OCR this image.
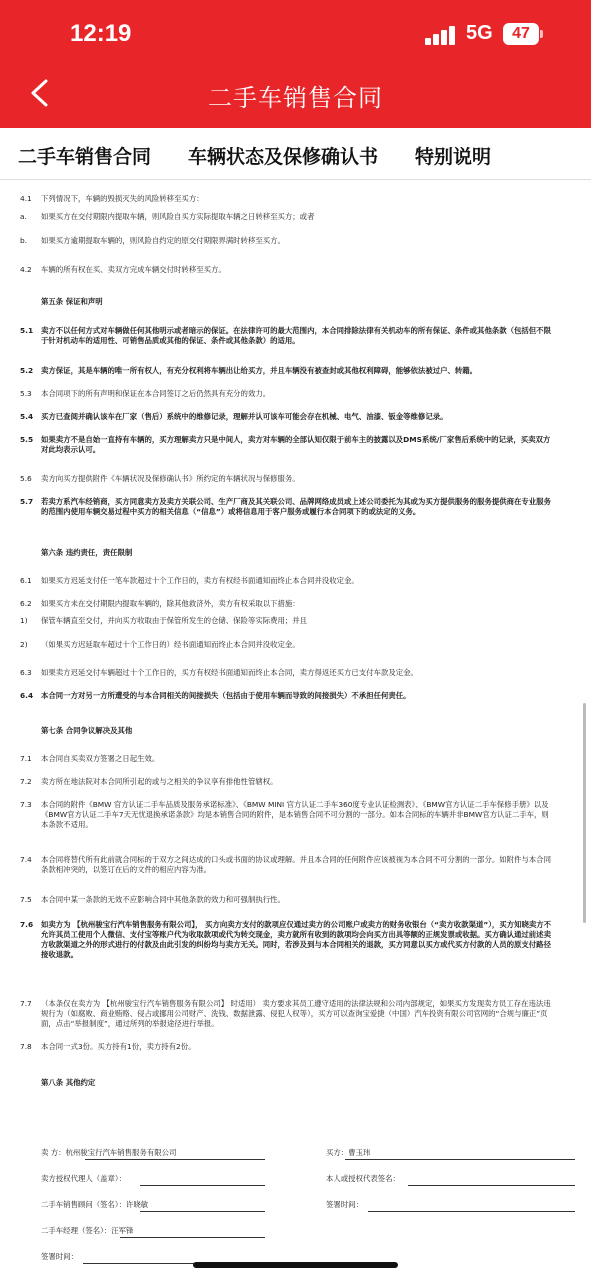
12:19	5G	47
二手车销售合同
二手车销售合同 车辆状态及保修确认书 特别说明
4.1	下列情况下，车辆的毁损灭失的风险转移至买方：
a.	如果买方在交付期限内提取车辆，则风险自买方实际提取车辆之日转移至买方；或者
b.	如果买方逾期提取车辆的，则风险自约定的原交付期限界满时转移至买方。
4.2	车辆的所有权在买、卖双方完成车辆交付时转移至买方。
第五条 保证和声明
5.1	卖方不以任何方式对车辆做任何其他明示或者暗示的保证。在法律许可的最大范围内，本合同排除法律有关机动车的所有保证、条件或其他条款（包括但不限于针对机动车的适用性、可销售品质或其他的保证、条件或其他条款）的适用。
5.2	卖方保证，其是车辆的唯一所有权人，有充分权利将车辆出让给买方，并且车辆没有被查封或其他权利障碍，能够依法被过户、转籍。
5.3	本合同项下的所有声明和保证在本合同签订之后仍然具有充分的效力。
5.4	买方已查阅并确认该车在厂家（售后）系统中的维修记录，理解并认可该车可能会存在机械、电气、油漆、钣金等维修记录。
5.5	如果卖方不是自始一直持有车辆的，买方理解卖方只是中间人，卖方对车辆的全部认知仅限于前车主的披露以及DMS系统/厂家售后系统中的记录，买卖双方对此均表示认可。
5.6	卖方向买方提供附件《车辆状况及保修确认书》所约定的车辆状况与保修服务。
5.7	若卖方系汽车经销商，买方同意卖方及卖方关联公司、生产厂商及其关联公司、品牌网络成员或上述公司委托为其或为买方提供服务的服务提供商在专业服务的范围内使用车辆交易过程中买方的相关信息（“信息”）或将信息用于客户服务或履行本合同项下的或法定的义务。
第六条 违约责任，责任限制
6.1	如果买方迟延支付任一笔车款超过十个工作日的，卖方有权经书面通知而终止本合同并没收定金。
6.2	如果买方未在交付期限内提取车辆的，除其他救济外，卖方有权采取以下措施：
1)	保管车辆直至交付，并向买方收取由于保管所发生的仓储、保险等实际费用；并且
2)	（如果买方迟延取车超过十个工作日的）经书面通知而终止本合同并没收定金。
6.3	如果卖方迟延交付车辆超过十个工作日的，买方有权经书面通知而终止本合同，卖方得返还买方已支付车款及定金。
6.4	本合同一方对另一方所遭受的与本合同相关的间接损失（包括由于使用车辆而导致的间接损失）不承担任何责任。
第七条 合同争议解决及其他
7.1	本合同自买卖双方签署之日起生效。
7.2	卖方所在地法院对本合同所引起的或与之相关的争议享有排他性管辖权。
7.3	本合同的附件《BMW 官方认证二手车品质及服务承诺标准》、《BMW MINI 官方认证二手车360度专业认证检测表》、《BMW官方认证二手车保修手册》以及《BMW官方认证二手车7天无忧退换承诺条款》均是本销售合同的附件，是本销售合同不可分割的一部分。如本合同标的车辆并非BMW官方认证二手车，则本条款不适用。
7.4	本合同将替代所有此前就合同标的于双方之间达成的口头或书面的协议或理解。并且本合同的任何附件应该被视为本合同不可分割的一部分。如附件与本合同条款相冲突的，以签订在后的文件的相应内容为准。
7.5	本合同中某一条款的无效不应影响合同中其他条款的效力和可强制执行性。
7.6	如卖方为 【杭州骏宝行汽车销售服务有限公司】， 买方向卖方支付的款项应仅通过卖方的公司账户或卖方的财务收银台（“卖方收款渠道”），买方知晓卖方不允许其员工使用个人微信、支付宝等账户代为收取款项或代为转交现金，卖方就所有收到的款项均会向买方出具等额的正规发票或收据。买方确认通过前述卖方收款渠道之外的形式进行的付款及由此引发的纠纷均与卖方无关。同时，若涉及到与本合同相关的退款，买方同意以买方或代买方付款的人员的原支付路径接收退款。
7.7	（本条仅在卖方为 【杭州骏宝行汽车销售服务有限公司】 时适用） 卖方要求其员工遵守适用的法律法规和公司内部规定，如果买方发现卖方员工存在违法违规行为（如腐败、商业贿赂、侵占或挪用公司财产、洗钱、数据泄露、侵犯人权等），买方可以查询宝爱捷（中国）汽车投资有限公司官网的“合规与廉正”页面，点击“举报制度”，通过所列的举报途径进行举报。
7.8	本合同一式3份。买方持有1份，卖方持有2份。
第八条 其他约定
卖 方：杭州骏宝行汽车销售服务有限公司	买方：曹玉玮
卖方授权代理人（盖章）：	本人或授权代表签名：
二手车销售顾问（签名）：许晓敏	签署时间：
二手车经理（签名）：汪军锋
签署时间：
